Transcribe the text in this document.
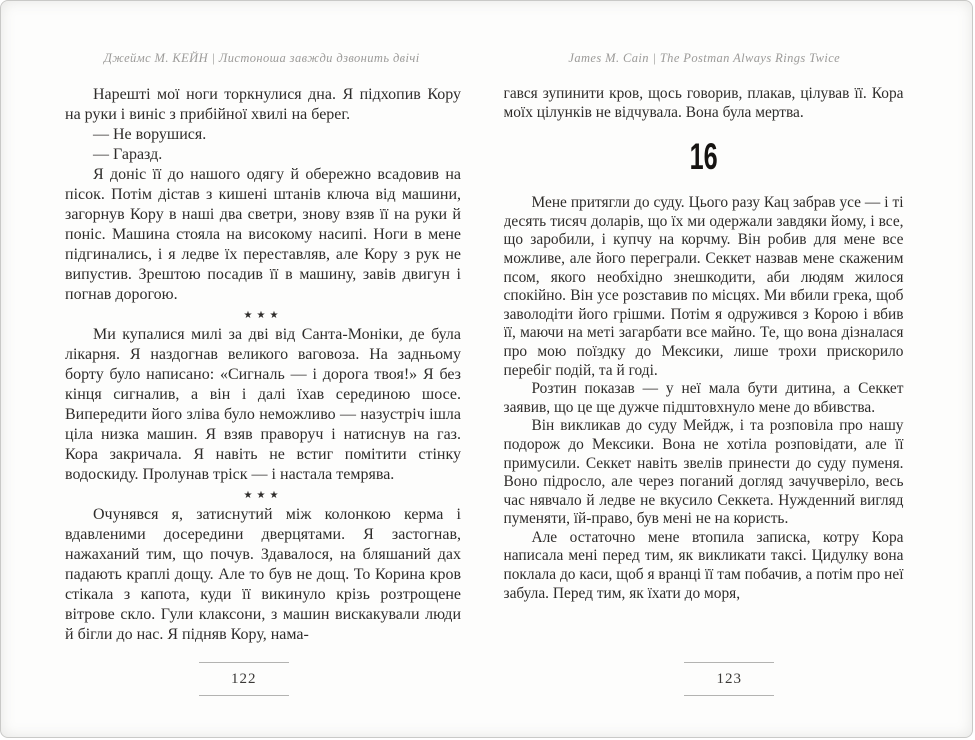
Джеймс М. КЕЙН | Листоноша завжди дзвонить двічі

Нарешті мої ноги торкнулися дна. Я підхопив Кору на руки і виніс з прибійної хвилі на берег.

— Не ворушися.

— Гаразд.

Я доніс її до нашого одягу й обережно всадовив на пісок. Потім дістав з кишені штанів ключа від машини, загорнув Кору в наші два светри, знову взяв її на руки й поніс. Машина стояла на високому насипі. Ноги в мене підгинались, і я ледве їх переставляв, але Кору з рук не випустив. Зрештою посадив її в машину, завів двигун і погнав дорогою.

★★★

Ми купалися милі за дві від Санта-Моніки, де була лікарня. Я наздогнав великого ваговоза. На задньому борту було написано: «Сигналь — і дорога твоя!» Я без кінця сигналив, а він і далі їхав серединою шосе. Випередити його зліва було неможливо — назустріч ішла ціла низка машин. Я взяв праворуч і натиснув на газ. Кора закричала. Я навіть не встиг помітити стінку водоскиду. Пролунав тріск — і настала темрява.

★★★

Очунявся я, затиснутий між колонкою керма і вдавленими досередини дверцятами. Я застогнав, нажаханий тим, що почув. Здавалося, на бляшаний дах падають краплі дощу. Але то був не дощ. То Корина кров стікала з капота, куди її викинуло крізь розтрощене вітрове скло. Гули клаксони, з машин вискакували люди й бігли до нас. Я підняв Кору, нама-

122
James M. Cain | The Postman Always Rings Twice

гався зупинити кров, щось говорив, плакав, цілував її. Кора моїх цілунків не відчувала. Вона була мертва.

16

Мене притягли до суду. Цього разу Кац забрав усе — і ті десять тисяч доларів, що їх ми одержали завдяки йому, і все, що заробили, і купчу на корчму. Він робив для мене все можливе, але його переграли. Секкет назвав мене скаженим псом, якого необхідно знешкодити, аби людям жилося спокійно. Він усе розставив по місцях. Ми вбили грека, щоб заволодіти його грішми. Потім я одружився з Корою і вбив її, маючи на меті загарбати все майно. Те, що вона дізналася про мою поїздку до Мексики, лише трохи прискорило перебіг подій, та й годі.

Розтин показав — у неї мала бути дитина, а Секкет заявив, що це ще дужче підштовхнуло мене до вбивства.

Він викликав до суду Мейдж, і та розповіла про нашу подорож до Мексики. Вона не хотіла розповідати, але її примусили. Секкет навіть звелів принести до суду пуменя. Воно підросло, але через поганий догляд зачучверіло, весь час нявчало й ледве не вкусило Секкета. Нужденний вигляд пуменяти, їй-право, був мені не на користь.

Але остаточно мене втопила записка, котру Кора написала мені перед тим, як викликати таксі. Цидулку вона поклала до каси, щоб я вранці її там побачив, а потім про неї забула. Перед тим, як їхати до моря,

123
